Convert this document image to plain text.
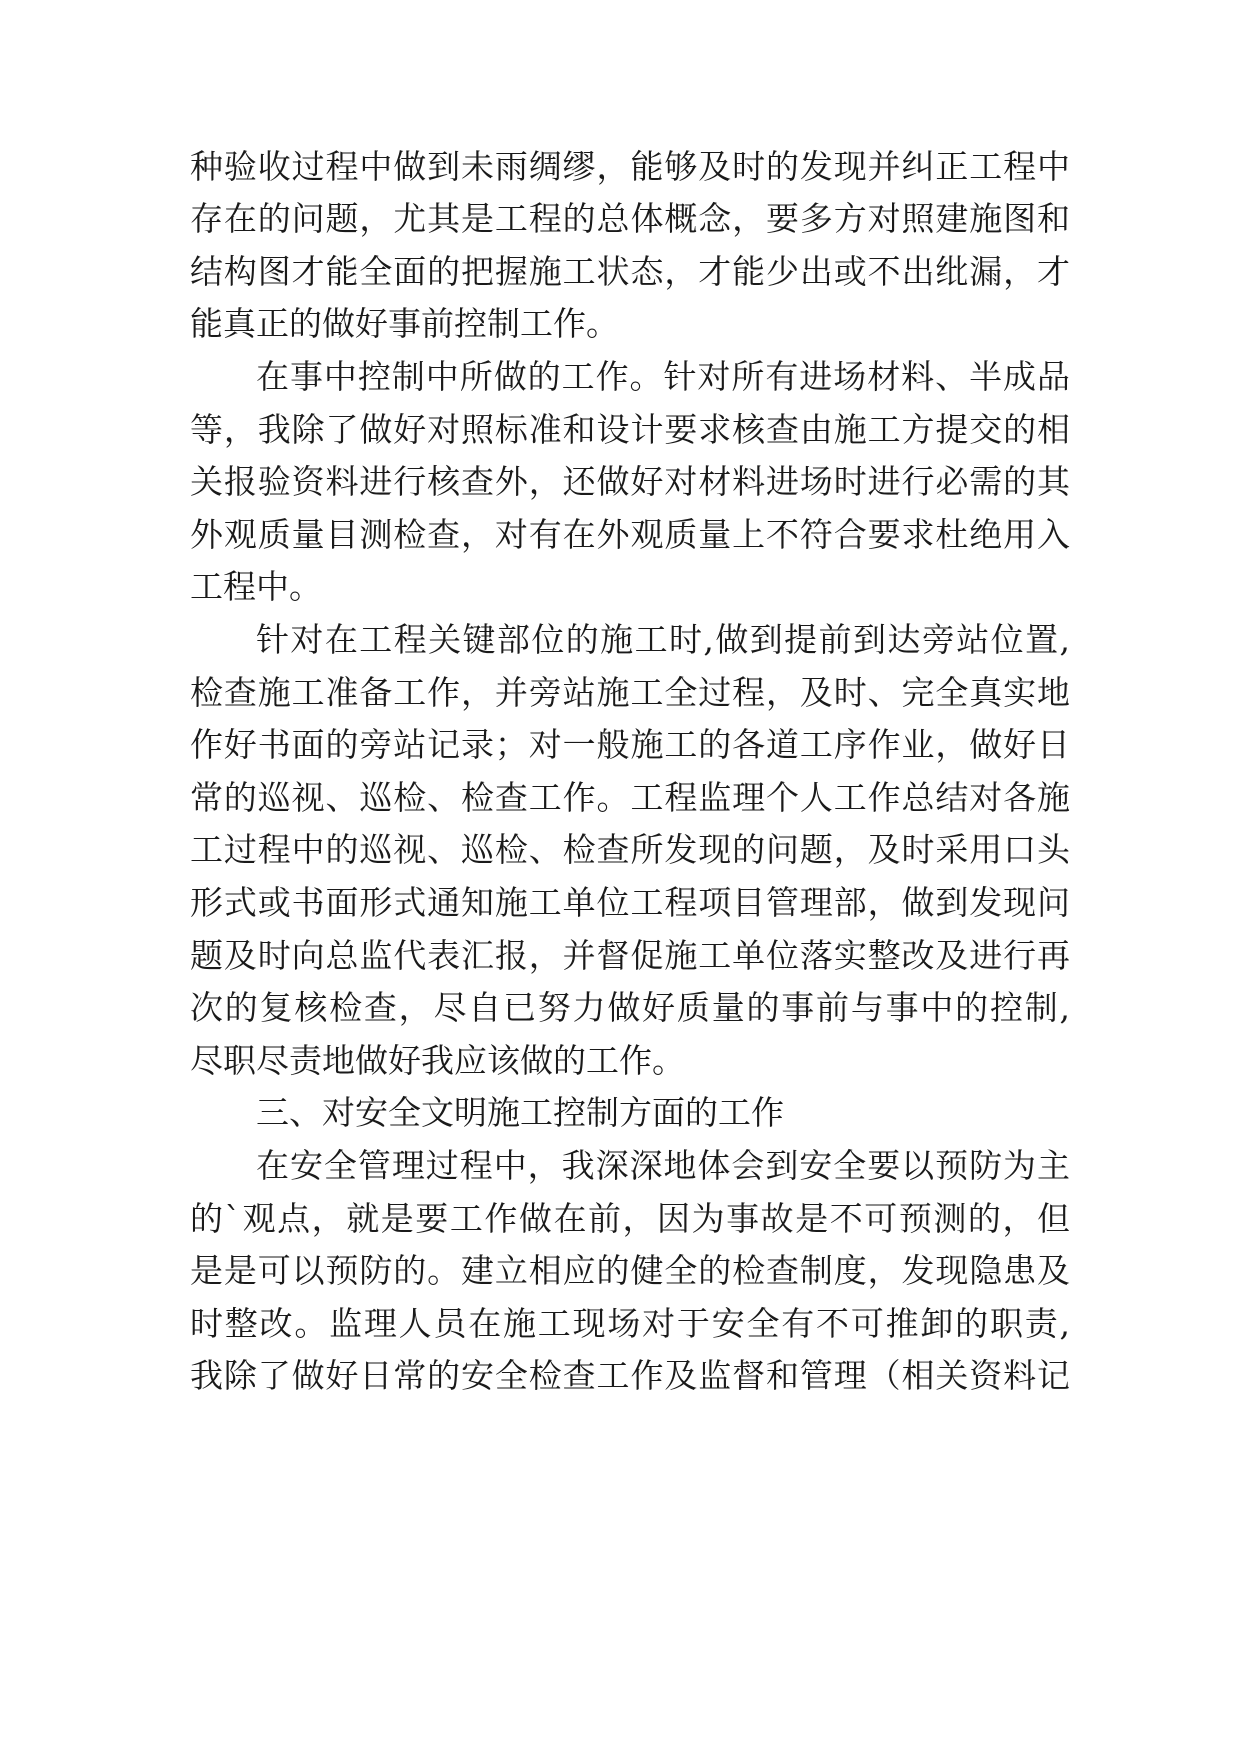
种验收过程中做到未雨绸缪，能够及时的发现并纠正工程中
存在的问题，尤其是工程的总体概念，要多方对照建施图和
结构图才能全面的把握施工状态，才能少出或不出纰漏，才
能真正的做好事前控制工作。
在事中控制中所做的工作。针对所有进场材料、半成品
等，我除了做好对照标准和设计要求核查由施工方提交的相
关报验资料进行核查外，还做好对材料进场时进行必需的其
外观质量目测检查，对有在外观质量上不符合要求杜绝用入
工程中。
针对在工程关键部位的施工时,做到提前到达旁站位置,
检查施工准备工作，并旁站施工全过程，及时、完全真实地
作好书面的旁站记录；对一般施工的各道工序作业，做好日
常的巡视、巡检、检查工作。工程监理个人工作总结对各施
工过程中的巡视、巡检、检查所发现的问题，及时采用口头
形式或书面形式通知施工单位工程项目管理部，做到发现问
题及时向总监代表汇报，并督促施工单位落实整改及进行再
次的复核检查，尽自已努力做好质量的事前与事中的控制,
尽职尽责地做好我应该做的工作。
三、对安全文明施工控制方面的工作
在安全管理过程中，我深深地体会到安全要以预防为主
的`观点，就是要工作做在前，因为事故是不可预测的，但
是是可以预防的。建立相应的健全的检查制度，发现隐患及
时整改。监理人员在施工现场对于安全有不可推卸的职责,
我除了做好日常的安全检查工作及监督和管理（相关资料记
